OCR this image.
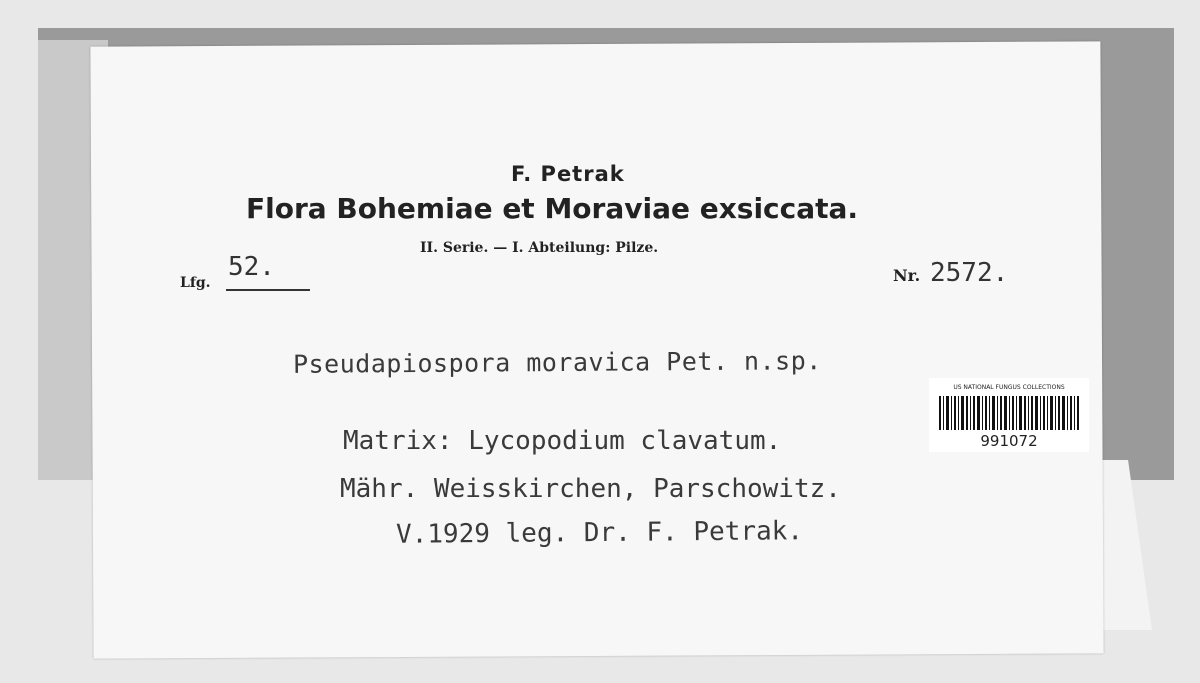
F. Petrak
Flora Bohemiae et Moraviae exsiccata.
II. Serie. — I. Abteilung: Pilze.
Lfg.
52.	Nr. 2572.
Pseudapiospora moravica Pet. n.sp.
Matrix: Lycopodium clavatum.
Mähr. Weisskirchen, Parschowitz.
V.1929 leg. Dr. F. Petrak.
US NATIONAL FUNGUS COLLECTIONS
991072
